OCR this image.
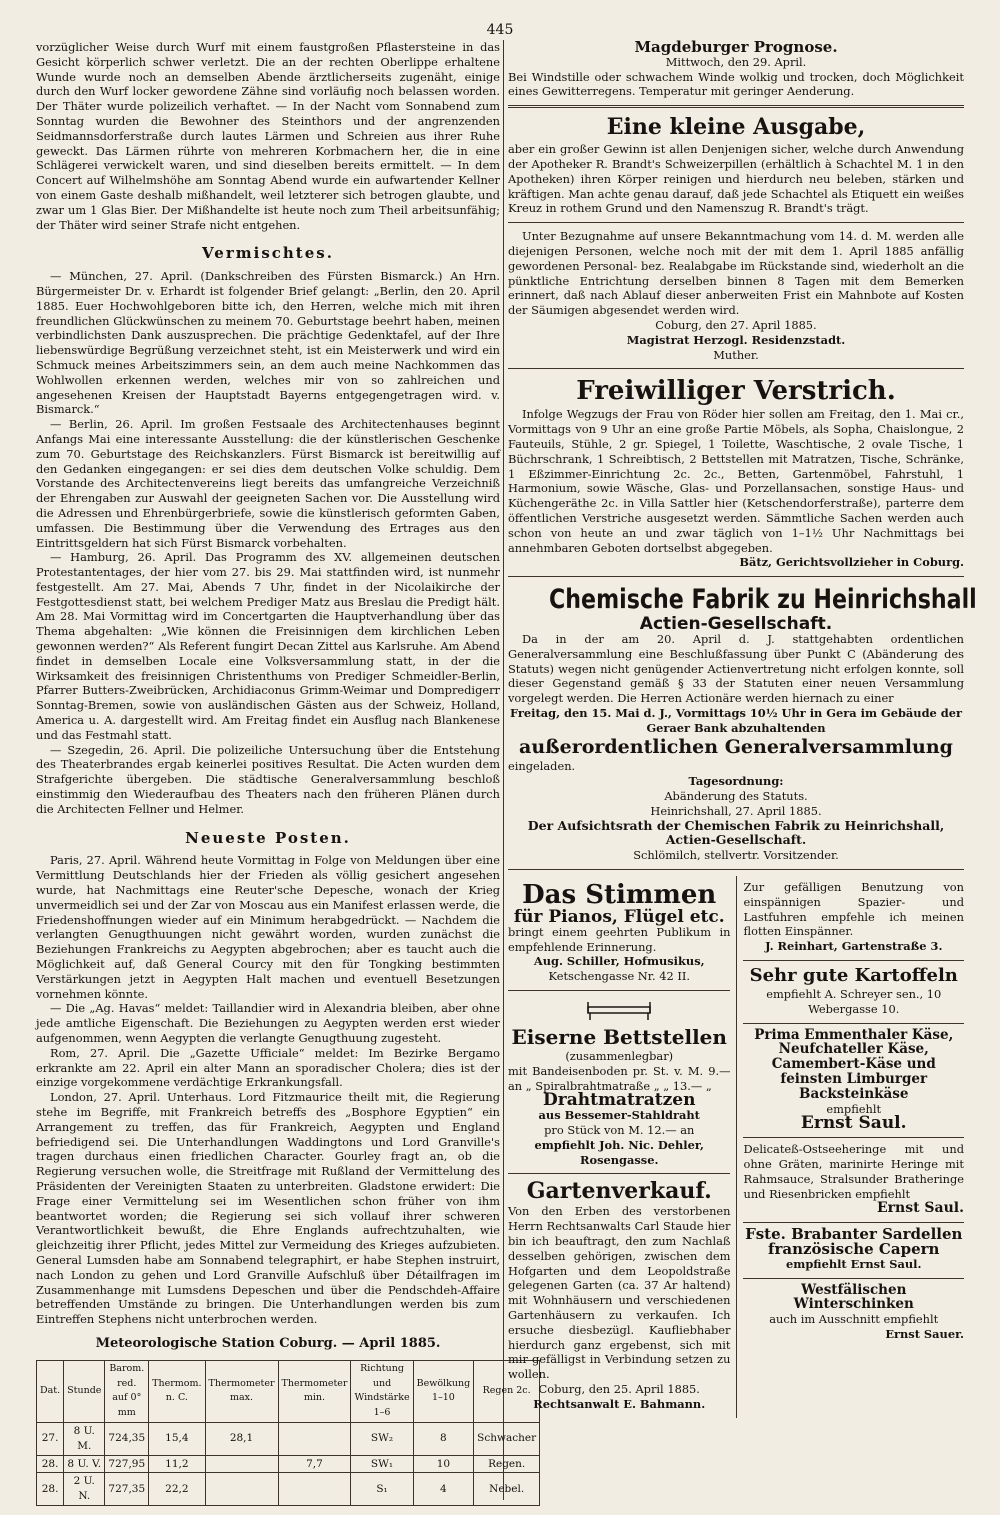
445

vorzüglicher Weise durch Wurf mit einem faustgroßen Pflastersteine in das Gesicht körperlich schwer verletzt. Die an der rechten Oberlippe erhaltene Wunde wurde noch an demselben Abende ärztlicherseits zugenäht, einige durch den Wurf locker gewordene Zähne sind vorläufig noch belassen worden. Der Thäter wurde polizeilich verhaftet. — In der Nacht vom Sonnabend zum Sonntag wurden die Bewohner des Steinthors und der angrenzenden Seidmannsdorferstraße durch lautes Lärmen und Schreien aus ihrer Ruhe geweckt. Das Lärmen rührte von mehreren Korbmachern her, die in eine Schlägerei verwickelt waren, und sind dieselben bereits ermittelt. — In dem Concert auf Wilhelmshöhe am Sonntag Abend wurde ein aufwartender Kellner von einem Gaste deshalb mißhandelt, weil letzterer sich betrogen glaubte, und zwar um 1 Glas Bier. Der Mißhandelte ist heute noch zum Theil arbeitsunfähig; der Thäter wird seiner Strafe nicht entgehen.

Vermischtes.

— München, 27. April. (Dankschreiben des Fürsten Bismarck.) An Hrn. Bürgermeister Dr. v. Erhardt ist folgender Brief gelangt: „Berlin, den 20. April 1885. Euer Hochwohlgeboren bitte ich, den Herren, welche mich mit ihren freundlichen Glückwünschen zu meinem 70. Geburtstage beehrt haben, meinen verbindlichsten Dank auszusprechen. Die prächtige Gedenktafel, auf der Ihre liebenswürdige Begrüßung verzeichnet steht, ist ein Meisterwerk und wird ein Schmuck meines Arbeitszimmers sein, an dem auch meine Nachkommen das Wohlwollen erkennen werden, welches mir von so zahlreichen und angesehenen Kreisen der Hauptstadt Bayerns entgegengetragen wird. v. Bismarck.“

— Berlin, 26. April. Im großen Festsaale des Architectenhauses beginnt Anfangs Mai eine interessante Ausstellung: die der künstlerischen Geschenke zum 70. Geburtstage des Reichskanzlers. Fürst Bismarck ist bereitwillig auf den Gedanken eingegangen: er sei dies dem deutschen Volke schuldig. Dem Vorstande des Architectenvereins liegt bereits das umfangreiche Verzeichniß der Ehrengaben zur Auswahl der geeigneten Sachen vor. Die Ausstellung wird die Adressen und Ehrenbürgerbriefe, sowie die künstlerisch geformten Gaben, umfassen. Die Bestimmung über die Verwendung des Ertrages aus den Eintrittsgeldern hat sich Fürst Bismarck vorbehalten.

— Hamburg, 26. April. Das Programm des XV. allgemeinen deutschen Protestantentages, der hier vom 27. bis 29. Mai stattfinden wird, ist nunmehr festgestellt. Am 27. Mai, Abends 7 Uhr, findet in der Nicolaikirche der Festgottesdienst statt, bei welchem Prediger Matz aus Breslau die Predigt hält. Am 28. Mai Vormittag wird im Concertgarten die Hauptverhandlung über das Thema abgehalten: „Wie können die Freisinnigen dem kirchlichen Leben gewonnen werden?“ Als Referent fungirt Decan Zittel aus Karlsruhe. Am Abend findet in demselben Locale eine Volksversammlung statt, in der die Wirksamkeit des freisinnigen Christenthums von Prediger Schmeidler-Berlin, Pfarrer Butters-Zweibrücken, Archidiaconus Grimm-Weimar und Dompredigerr Sonntag-Bremen, sowie von ausländischen Gästen aus der Schweiz, Holland, America u. A. dargestellt wird. Am Freitag findet ein Ausflug nach Blankenese und das Festmahl statt.

— Szegedin, 26. April. Die polizeiliche Untersuchung über die Entstehung des Theaterbrandes ergab keinerlei positives Resultat. Die Acten wurden dem Strafgerichte übergeben. Die städtische Generalversammlung beschloß einstimmig den Wiederaufbau des Theaters nach den früheren Plänen durch die Architecten Fellner und Helmer.

Neueste Posten.

Paris, 27. April. Während heute Vormittag in Folge von Meldungen über eine Vermittlung Deutschlands hier der Frieden als völlig gesichert angesehen wurde, hat Nachmittags eine Reuter'sche Depesche, wonach der Krieg unvermeidlich sei und der Zar von Moscau aus ein Manifest erlassen werde, die Friedenshoffnungen wieder auf ein Minimum herabgedrückt. — Nachdem die verlangten Genugthuungen nicht gewährt worden, wurden zunächst die Beziehungen Frankreichs zu Aegypten abgebrochen; aber es taucht auch die Möglichkeit auf, daß General Courcy mit den für Tongking bestimmten Verstärkungen jetzt in Aegypten Halt machen und eventuell Besetzungen vornehmen könnte.

— Die „Ag. Havas“ meldet: Taillandier wird in Alexandria bleiben, aber ohne jede amtliche Eigenschaft. Die Beziehungen zu Aegypten werden erst wieder aufgenommen, wenn Aegypten die verlangte Genugthuung zugesteht.

Rom, 27. April. Die „Gazette Ufficiale“ meldet: Im Bezirke Bergamo erkrankte am 22. April ein alter Mann an sporadischer Cholera; dies ist der einzige vorgekommene verdächtige Erkrankungsfall.

London, 27. April. Unterhaus. Lord Fitzmaurice theilt mit, die Regierung stehe im Begriffe, mit Frankreich betreffs des „Bosphore Egyptien“ ein Arrangement zu treffen, das für Frankreich, Aegypten und England befriedigend sei. Die Unterhandlungen Waddingtons und Lord Granville's tragen durchaus einen friedlichen Character. Gourley fragt an, ob die Regierung versuchen wolle, die Streitfrage mit Rußland der Vermittelung des Präsidenten der Vereinigten Staaten zu unterbreiten. Gladstone erwidert: Die Frage einer Vermittelung sei im Wesentlichen schon früher von ihm beantwortet worden; die Regierung sei sich vollauf ihrer schweren Verantwortlichkeit bewußt, die Ehre Englands aufrechtzuhalten, wie gleichzeitig ihrer Pflicht, jedes Mittel zur Vermeidung des Krieges aufzubieten. General Lumsden habe am Sonnabend telegraphirt, er habe Stephen instruirt, nach London zu gehen und Lord Granville Aufschluß über Détailfragen im Zusammenhange mit Lumsdens Depeschen und über die Pendschdeh-Affaire betreffenden Umstände zu bringen. Die Unterhandlungen werden bis zum Eintreffen Stephens nicht unterbrochen werden.

Meteorologische Station Coburg. — April 1885.
Dat.	Stunde	Barom. red. auf 0° mm	Thermom. n. C.	Thermometer max.	Thermometer min.	Richtung und Windstärke 1–6	Bewölkung 1–10	Regen 2c.
27.	8 U. M.	724,35	15,4	28,1		SW₂	8	Schwacher
28.	8 U. V.	727,95	11,2		7,7	SW₁	10	Regen.
28.	2 U. N.	727,35	22,2			S₁	4	Nebel.
Magdeburger Prognose.
Mittwoch, den 29. April.

Bei Windstille oder schwachem Winde wolkig und trocken, doch Möglichkeit eines Gewitterregens. Temperatur mit geringer Aenderung.

Eine kleine Ausgabe,

aber ein großer Gewinn ist allen Denjenigen sicher, welche durch Anwendung der Apotheker R. Brandt's Schweizerpillen (erhältlich à Schachtel M. 1 in den Apotheken) ihren Körper reinigen und hierdurch neu beleben, stärken und kräftigen. Man achte genau darauf, daß jede Schachtel als Etiquett ein weißes Kreuz in rothem Grund und den Namenszug R. Brandt's trägt.

Unter Bezugnahme auf unsere Bekanntmachung vom 14. d. M. werden alle diejenigen Personen, welche noch mit der mit dem 1. April 1885 anfällig gewordenen Personal- bez. Realabgabe im Rückstande sind, wiederholt an die pünktliche Entrichtung derselben binnen 8 Tagen mit dem Bemerken erinnert, daß nach Ablauf dieser anberweiten Frist ein Mahnbote auf Kosten der Säumigen abgesendet werden wird.

Coburg, den 27. April 1885.
Magistrat Herzogl. Residenzstadt.
Muther.
Freiwilliger Verstrich.

Infolge Wegzugs der Frau von Röder hier sollen am Freitag, den 1. Mai cr., Vormittags von 9 Uhr an eine große Partie Möbels, als Sopha, Chaislongue, 2 Fauteuils, Stühle, 2 gr. Spiegel, 1 Toilette, Waschtische, 2 ovale Tische, 1 Büchrschrank, 1 Schreibtisch, 2 Bettstellen mit Matratzen, Tische, Schränke, 1 Eßzimmer-Einrichtung 2c. 2c., Betten, Gartenmöbel, Fahrstuhl, 1 Harmonium, sowie Wäsche, Glas- und Porzellansachen, sonstige Haus- und Küchengeräthe 2c. in Villa Sattler hier (Ketschendorferstraße), parterre dem öffentlichen Verstriche ausgesetzt werden. Sämmtliche Sachen werden auch schon von heute an und zwar täglich von 1–1½ Uhr Nachmittags bei annehmbaren Geboten dortselbst abgegeben.

Bätz, Gerichtsvollzieher in Coburg.
Chemische Fabrik zu Heinrichshall
Actien-Gesellschaft.

Da in der am 20. April d. J. stattgehabten ordentlichen Generalversammlung eine Beschlußfassung über Punkt C (Abänderung des Statuts) wegen nicht genügender Actienvertretung nicht erfolgen konnte, soll dieser Gegenstand gemäß § 33 der Statuten einer neuen Versammlung vorgelegt werden. Die Herren Actionäre werden hiernach zu einer

Freitag, den 15. Mai d. J., Vormittags 10½ Uhr in Gera im Gebäude der Geraer Bank abzuhaltenden
außerordentlichen Generalversammlung
eingeladen.
Tagesordnung:
Abänderung des Statuts.
Heinrichshall, 27. April 1885.
Der Aufsichtsrath der Chemischen Fabrik zu Heinrichshall, Actien-Gesellschaft.
Schlömilch, stellvertr. Vorsitzender.
Das Stimmen
für Pianos, Flügel etc.

bringt einem geehrten Publikum in empfehlende Erinnerung.

Aug. Schiller, Hofmusikus,
Ketschengasse Nr. 42 II.
Eiserne Bettstellen
(zusammenlegbar)

mit Bandeisenboden pr. St. v. M. 9.— an „ Spiralbrahtmatraße „ „ 13.— „

Drahtmatratzen
aus Bessemer-Stahldraht
pro Stück von M. 12.— an
empfiehlt Joh. Nic. Dehler, Rosengasse.
Gartenverkauf.

Von den Erben des verstorbenen Herrn Rechtsanwalts Carl Staude hier bin ich beauftragt, den zum Nachlaß desselben gehörigen, zwischen dem Hofgarten und dem Leopoldstraße gelegenen Garten (ca. 37 Ar haltend) mit Wohnhäusern und verschiedenen Gartenhäusern zu verkaufen. Ich ersuche diesbezügl. Kaufliebhaber hierdurch ganz ergebenst, sich mit mir gefälligst in Verbindung setzen zu wollen.

Coburg, den 25. April 1885.
Rechtsanwalt E. Bahmann.

Zur gefälligen Benutzung von einspännigen Spazier- und Lastfuhren empfehle ich meinen flotten Einspänner.

J. Reinhart, Gartenstraße 3.
Sehr gute Kartoffeln
empfiehlt A. Schreyer sen., 10 Webergasse 10.
Prima Emmenthaler Käse,
Neufchateller Käse,
Camembert-Käse und
feinsten Limburger Backsteinkäse
empfiehlt
Ernst Saul.

Delicateß-Ostseeheringe mit und ohne Gräten, marinirte Heringe mit Rahmsauce, Stralsunder Bratheringe und Riesenbricken empfiehlt

Ernst Saul.
Fste. Brabanter Sardellen
französische Capern
empfiehlt Ernst Saul.
Westfälischen Winterschinken
auch im Ausschnitt empfiehlt
Ernst Sauer.
